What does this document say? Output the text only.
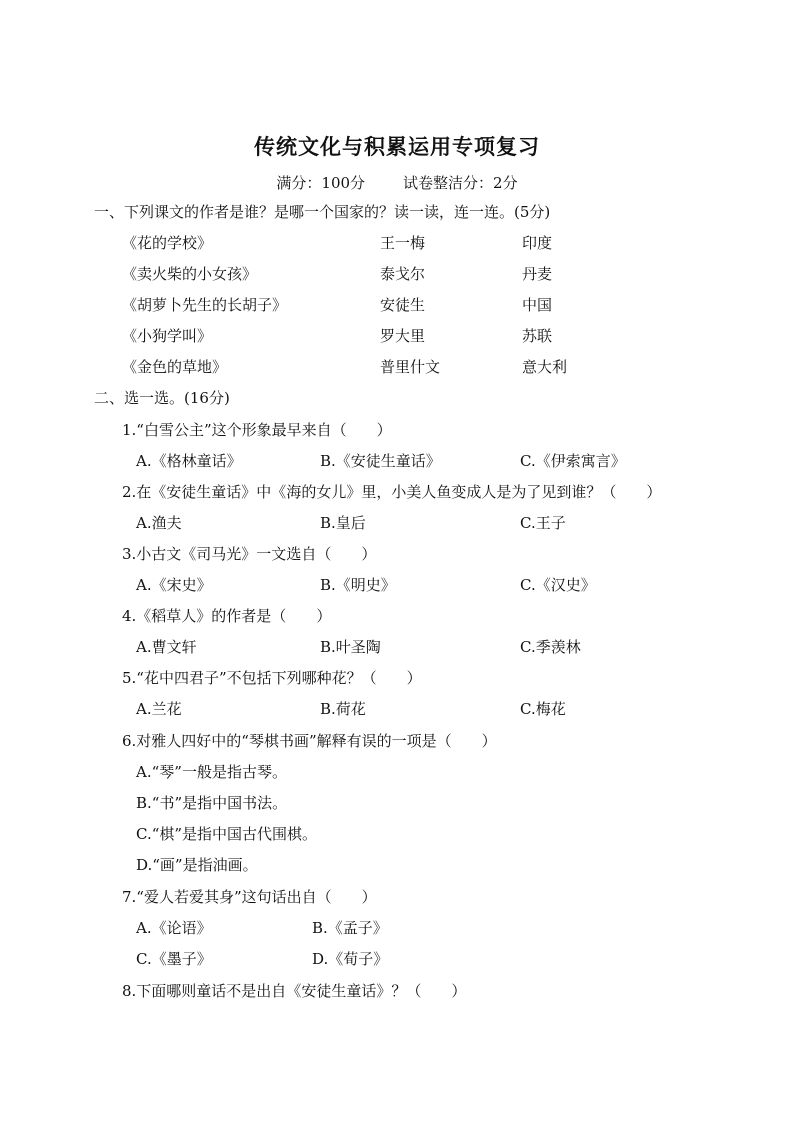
传统文化与积累运用专项复习
满分：100分	试卷整洁分：2分
一、下列课文的作者是谁？是哪一个国家的？读一读，连一连。(5分)
《花的学校》	王一梅	印度
《卖火柴的小女孩》	泰戈尔	丹麦
《胡萝卜先生的长胡子》	安徒生	中国
《小狗学叫》	罗大里	苏联
《金色的草地》	普里什文	意大利
二、选一选。(16分)
1.“白雪公主”这个形象最早来自（　　）
A.《格林童话》	B.《安徒生童话》	C.《伊索寓言》
2.在《安徒生童话》中《海的女儿》里，小美人鱼变成人是为了见到谁？（　　）
A.渔夫	B.皇后	C.王子
3.小古文《司马光》一文选自（　　）
A.《宋史》	B.《明史》	C.《汉史》
4.《稻草人》的作者是（　　）
A.曹文轩	B.叶圣陶	C.季羡林
5.“花中四君子”不包括下列哪种花？（　　）
A.兰花	B.荷花	C.梅花
6.对雅人四好中的“琴棋书画”解释有误的一项是（　　）
A.“琴”一般是指古琴。
B.“书”是指中国书法。
C.“棋”是指中国古代围棋。
D.“画”是指油画。
7.“爱人若爱其身”这句话出自（　　）
A.《论语》	B.《孟子》
C.《墨子》	D.《荀子》
8.下面哪则童话不是出自《安徒生童话》？（　　）
